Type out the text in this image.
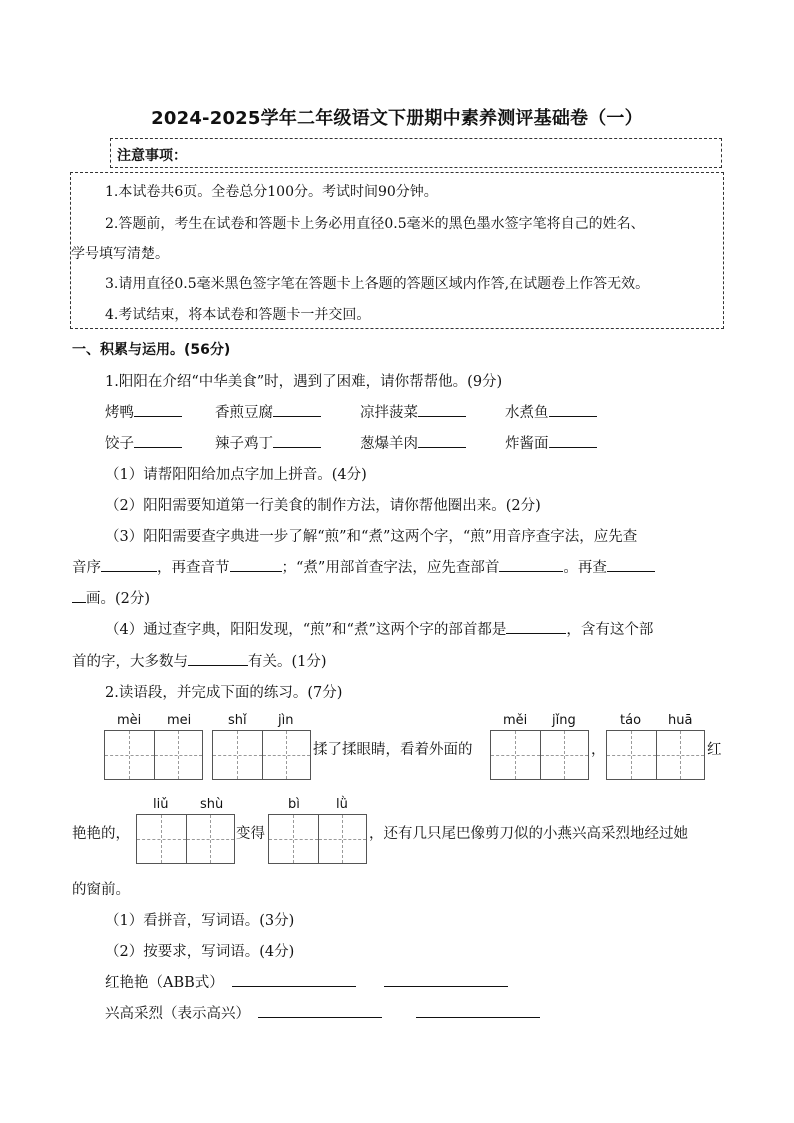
2024-2025学年二年级语文下册期中素养测评基础卷（一）
注意事项：
1.本试卷共6页。全卷总分100分。考试时间90分钟。
2.答题前，考生在试卷和答题卡上务必用直径0.5毫米的黑色墨水签字笔将自己的姓名、
学号填写清楚。
3.请用直径0.5毫米黑色签字笔在答题卡上各题的答题区域内作答,在试题卷上作答无效。
4.考试结束，将本试卷和答题卡一并交回。
一、积累与运用。(56分)
1.阳阳在介绍“中华美食”时，遇到了困难，请你帮帮他。(9分)
烤鸭	香煎豆腐	凉拌菠菜	水煮鱼
饺子	辣子鸡丁	葱爆羊肉	炸酱面
（1）请帮阳阳给加点字加上拼音。(4分)
（2）阳阳需要知道第一行美食的制作方法，请你帮他圈出来。(2分)
（3）阳阳需要查字典进一步了解“煎”和“煮”这两个字，“煎”用音序查字法，应先查
音序	，再查音节	；“煮”用部首查字法，应先查部首	。再查
画。(2分)
（4）通过查字典，阳阳发现，“煎”和“煮”这两个字的部首都是	，含有这个部
首的字，大多数与	有关。(1分)
2.读语段，并完成下面的练习。(7分)
mèi mei	shǐ jìn	měi jǐng	táo huā
揉了揉眼睛，看着外面的	，	红
liǔ shù	bì	lǜ
艳艳的，	变得	，还有几只尾巴像剪刀似的小燕兴高采烈地经过她
的窗前。
（1）看拼音，写词语。(3分)
（2）按要求，写词语。(4分)
红艳艳（ABB式）
兴高采烈（表示高兴）
